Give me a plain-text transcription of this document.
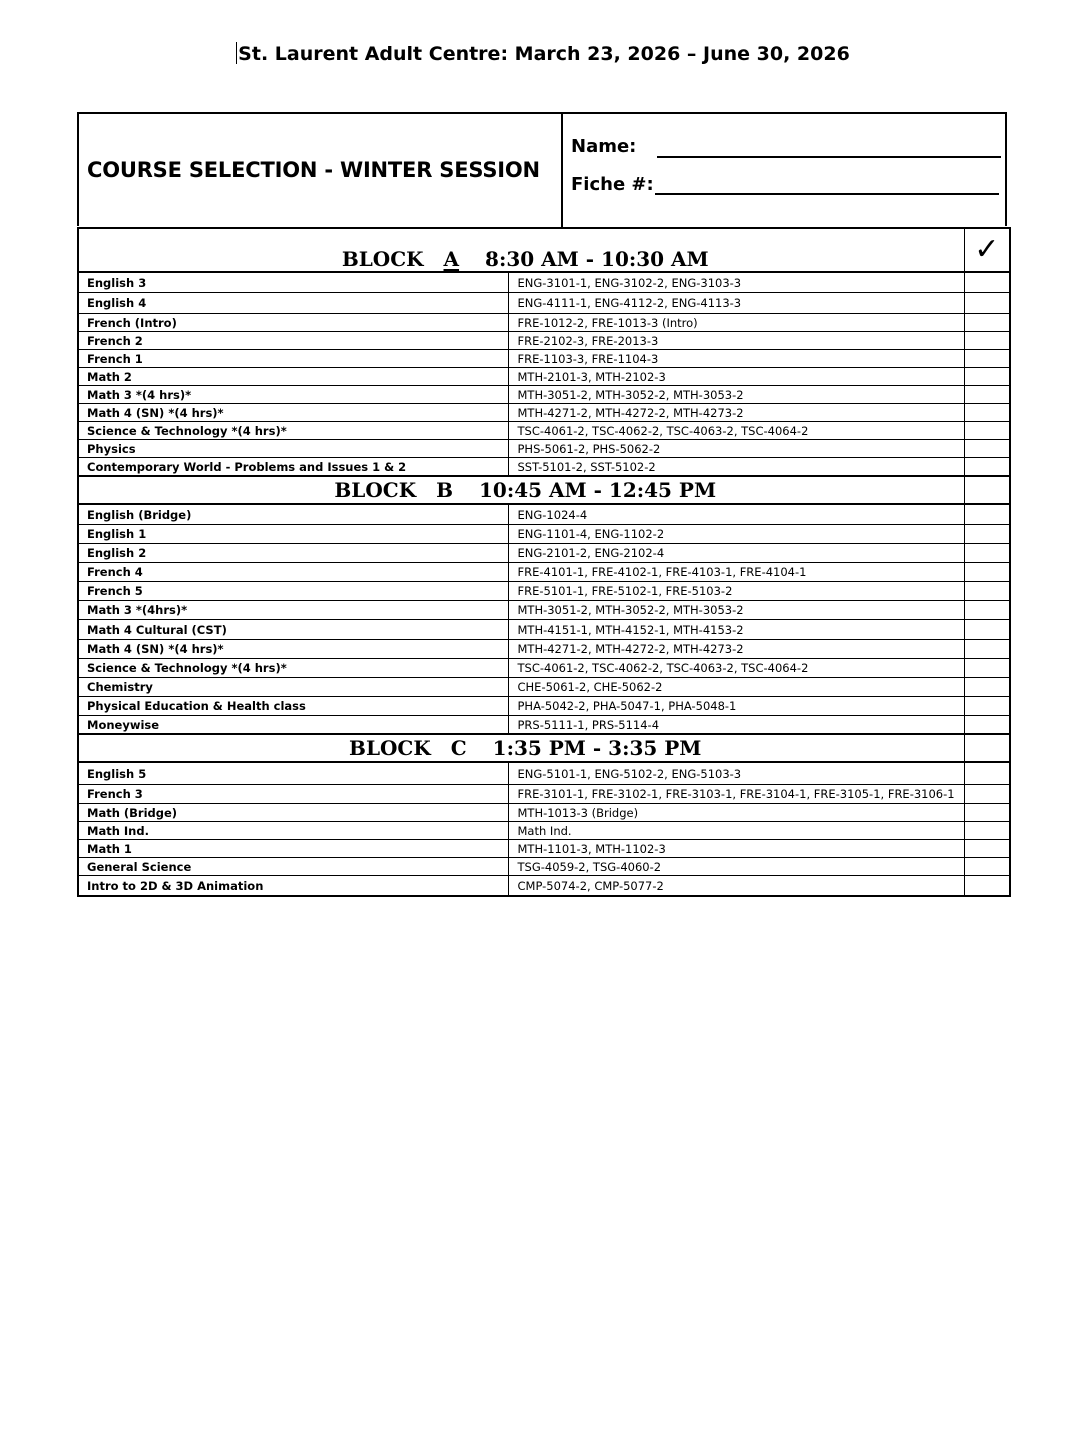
St. Laurent Adult Centre: March 23, 2026 – June 30, 2026
COURSE SELECTION - WINTER SESSION
Name:
Fiche #:
BLOCK A 8:30 AM - 10:30 AM		✓

English 3	ENG-3101-1, ENG-3102-2, ENG-3103-3	
English 4	ENG-4111-1, ENG-4112-2, ENG-4113-3	
French (Intro)	FRE-1012-2, FRE-1013-3 (Intro)	
French 2	FRE-2102-3, FRE-2013-3	
French 1	FRE-1103-3, FRE-1104-3	
Math 2	MTH-2101-3, MTH-2102-3	
Math 3 *(4 hrs)*	MTH-3051-2, MTH-3052-2, MTH-3053-2	
Math 4 (SN) *(4 hrs)*	MTH-4271-2, MTH-4272-2, MTH-4273-2	
Science & Technology *(4 hrs)*	TSC-4061-2, TSC-4062-2, TSC-4063-2, TSC-4064-2	
Physics	PHS-5061-2, PHS-5062-2	
Contemporary World - Problems and Issues 1 & 2	SST-5101-2, SST-5102-2	
BLOCK B 10:45 AM - 12:45 PM		
English (Bridge)	ENG-1024-4	
English 1	ENG-1101-4, ENG-1102-2	
English 2	ENG-2101-2, ENG-2102-4	
French 4	FRE-4101-1, FRE-4102-1, FRE-4103-1, FRE-4104-1	
French 5	FRE-5101-1, FRE-5102-1, FRE-5103-2	
Math 3 *(4hrs)*	MTH-3051-2, MTH-3052-2, MTH-3053-2	
Math 4 Cultural (CST)	MTH-4151-1, MTH-4152-1, MTH-4153-2	
Math 4 (SN) *(4 hrs)*	MTH-4271-2, MTH-4272-2, MTH-4273-2	
Science & Technology *(4 hrs)*	TSC-4061-2, TSC-4062-2, TSC-4063-2, TSC-4064-2	
Chemistry	CHE-5061-2, CHE-5062-2	
Physical Education & Health class	PHA-5042-2, PHA-5047-1, PHA-5048-1	
Moneywise	PRS-5111-1, PRS-5114-4	
BLOCK C 1:35 PM - 3:35 PM		
English 5	ENG-5101-1, ENG-5102-2, ENG-5103-3	
French 3	FRE-3101-1, FRE-3102-1, FRE-3103-1, FRE-3104-1, FRE-3105-1, FRE-3106-1	
Math (Bridge)	MTH-1013-3 (Bridge)	
Math Ind.	Math Ind.	
Math 1	MTH-1101-3, MTH-1102-3	
General Science	TSG-4059-2, TSG-4060-2	
Intro to 2D & 3D Animation	CMP-5074-2, CMP-5077-2	
